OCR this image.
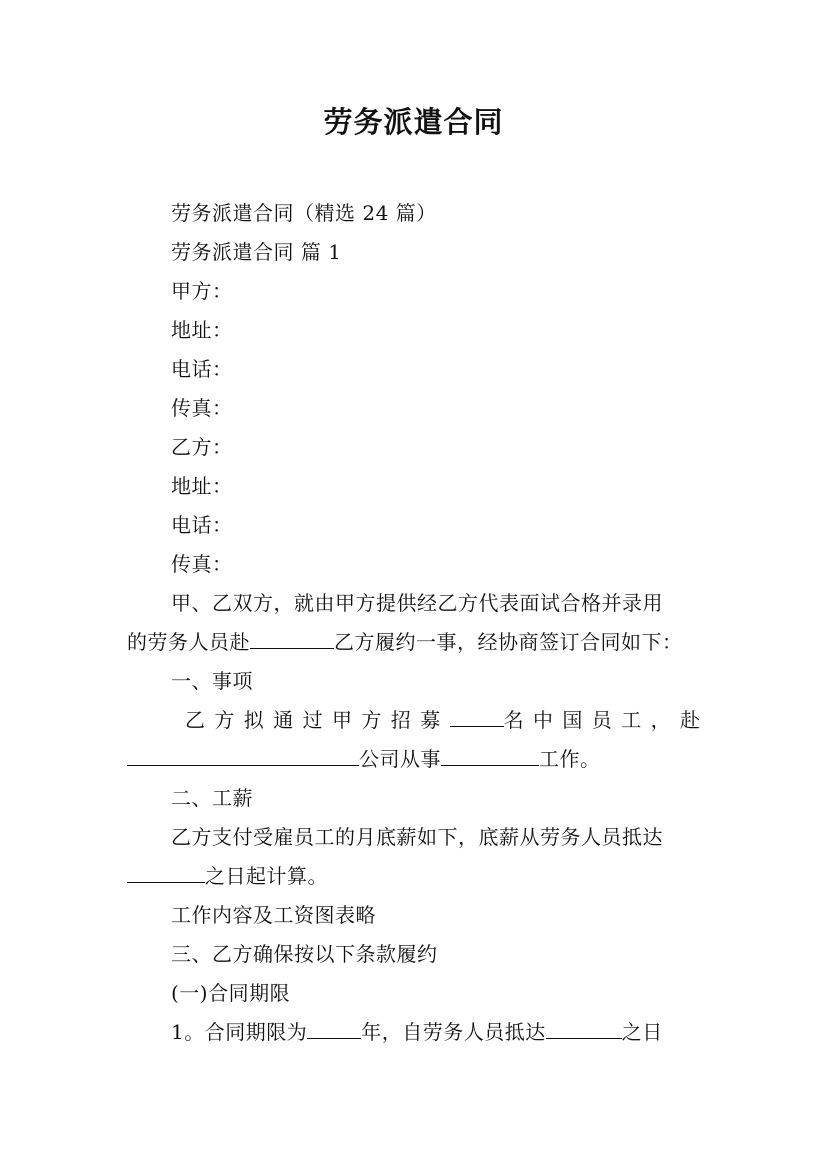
劳务派遣合同

劳务派遣合同（精选 24 篇）

劳务派遣合同 篇 1

甲方：

地址：

电话：

传真：

乙方：

地址：

电话：

传真：

甲、乙双方，就由甲方提供经乙方代表面试合格并录用
的劳务人员赴	乙方履约一事，经协商签订合同如下：

一、事项

乙方拟通过甲方招募	名中国员工，赴
公司从事	工作。

二、工薪

乙方支付受雇员工的月底薪如下，底薪从劳务人员抵达
之日起计算。

工作内容及工资图表略

三、乙方确保按以下条款履约

(一)合同期限

1。合同期限为	年，自劳务人员抵达	之日
